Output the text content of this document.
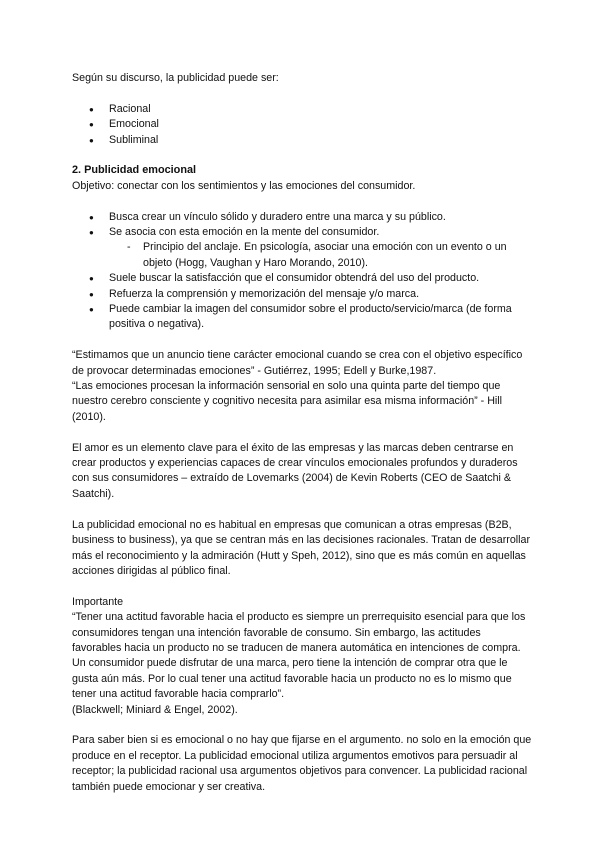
Según su discurso, la publicidad puede ser:

● Racional
● Emocional
● Subliminal
2. Publicidad emocional

Objetivo: conectar con los sentimientos y las emociones del consumidor.

● Busca crear un vínculo sólido y duradero entre una marca y su público.
● Se asocia con esta emoción en la mente del consumidor.
- Principio del anclaje. En psicología, asociar una emoción con un evento o un objeto (Hogg, Vaughan y Haro Morando, 2010).
● Suele buscar la satisfacción que el consumidor obtendrá del uso del producto.
● Refuerza la comprensión y memorización del mensaje y/o marca.
● Puede cambiar la imagen del consumidor sobre el producto/servicio/marca (de forma positiva o negativa).

“Estimamos que un anuncio tiene carácter emocional cuando se crea con el objetivo específico de provocar determinadas emociones” - Gutiérrez, 1995; Edell y Burke,1987.

“Las emociones procesan la información sensorial en solo una quinta parte del tiempo que nuestro cerebro consciente y cognitivo necesita para asimilar esa misma información” - Hill (2010).

El amor es un elemento clave para el éxito de las empresas y las marcas deben centrarse en crear productos y experiencias capaces de crear vínculos emocionales profundos y duraderos con sus consumidores – extraído de Lovemarks (2004) de Kevin Roberts (CEO de Saatchi & Saatchi).

La publicidad emocional no es habitual en empresas que comunican a otras empresas (B2B, business to business), ya que se centran más en las decisiones racionales. Tratan de desarrollar más el reconocimiento y la admiración (Hutt y Speh, 2012), sino que es más común en aquellas acciones dirigidas al público final.

Importante

“Tener una actitud favorable hacia el producto es siempre un prerrequisito esencial para que los consumidores tengan una intención favorable de consumo. Sin embargo, las actitudes favorables hacia un producto no se traducen de manera automática en intenciones de compra. Un consumidor puede disfrutar de una marca, pero tiene la intención de comprar otra que le gusta aún más. Por lo cual tener una actitud favorable hacia un producto no es lo mismo que tener una actitud favorable hacia comprarlo”.

(Blackwell; Miniard & Engel, 2002).

Para saber bien si es emocional o no hay que fijarse en el argumento. no solo en la emoción que produce en el receptor. La publicidad emocional utiliza argumentos emotivos para persuadir al receptor; la publicidad racional usa argumentos objetivos para convencer. La publicidad racional también puede emocionar y ser creativa.
